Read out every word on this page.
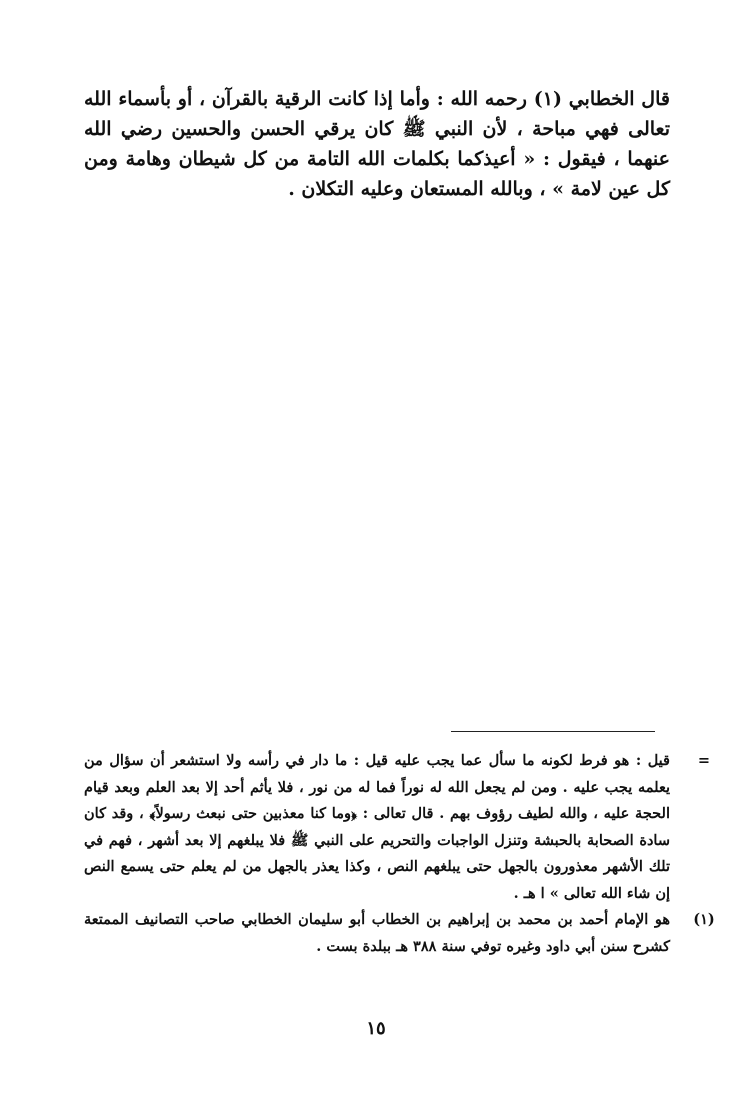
قال الخطابي (١) رحمه الله : وأما إذا كانت الرقية بالقرآن ، أو بأسماء الله تعالى فهي مباحة ، لأن النبي ﷺ كان يرقي الحسن والحسين رضي الله عنهما ، فيقول : « أعيذكما بكلمات الله التامة من كل شيطان وهامة ومن كل عين لامة » ، وبالله المستعان وعليه التكلان .

=
قيل : هو فرط لكونه ما سأل عما يجب عليه قيل : ما دار في رأسه ولا استشعر أن سؤال من يعلمه يجب عليه . ومن لم يجعل الله له نوراً فما له من نور ، فلا يأثم أحد إلا بعد العلم وبعد قيام الحجة عليه ، والله لطيف رؤوف بهم . قال تعالى : ﴿وما كنا معذبين حتى نبعث رسولاً﴾ ، وقد كان سادة الصحابة بالحبشة وتنزل الواجبات والتحريم على النبي ﷺ فلا يبلغهم إلا بعد أشهر ، فهم في تلك الأشهر معذورون بالجهل حتى يبلغهم النص ، وكذا يعذر بالجهل من لم يعلم حتى يسمع النص إن شاء الله تعالى » ا هـ .
(١)
هو الإمام أحمد بن محمد بن إبراهيم بن الخطاب أبو سليمان الخطابي صاحب التصانيف الممتعة كشرح سنن أبي داود وغيره توفي سنة ٣٨٨ هـ ببلدة بست .
١٥
